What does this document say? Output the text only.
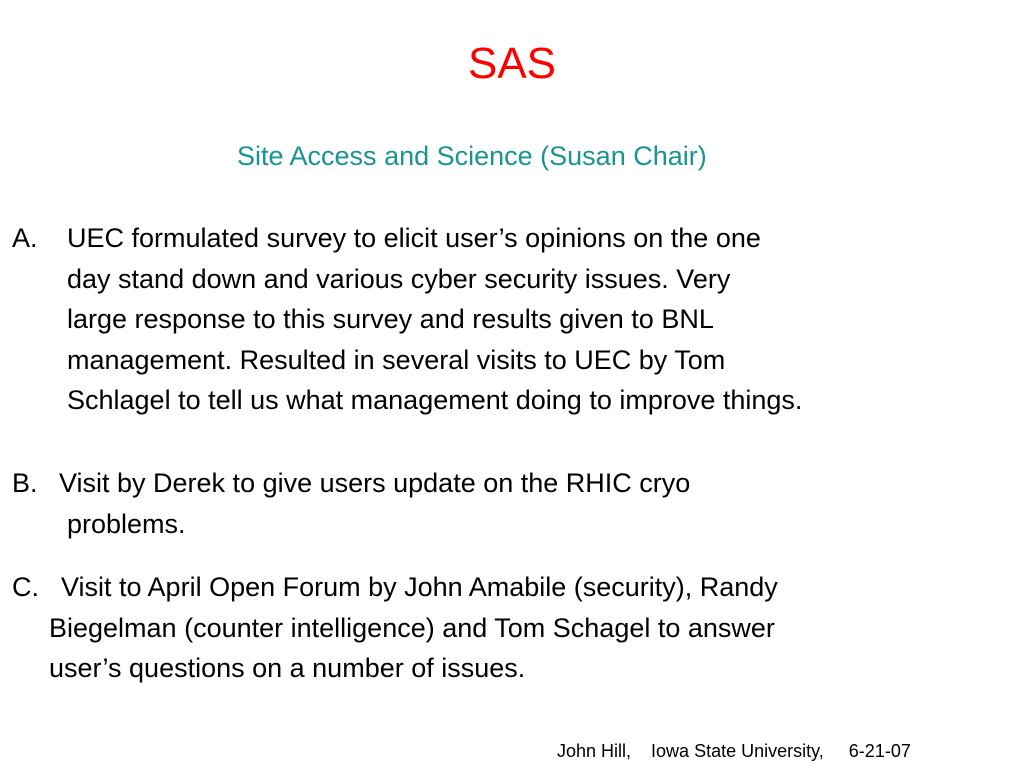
SAS
Site Access and Science (Susan Chair)
A. UEC formulated survey to elicit user’s opinions on the one
day stand down and various cyber security issues. Very
large response to this survey and results given to BNL
management. Resulted in several visits to UEC by Tom
Schlagel to tell us what management doing to improve things.
B. Visit by Derek to give users update on the RHIC cryo
problems.
C. Visit to April Open Forum by John Amabile (security), Randy
Biegelman (counter intelligence) and Tom Schagel to answer
user’s questions on a number of issues.
John Hill, Iowa State University, 6-21-07
